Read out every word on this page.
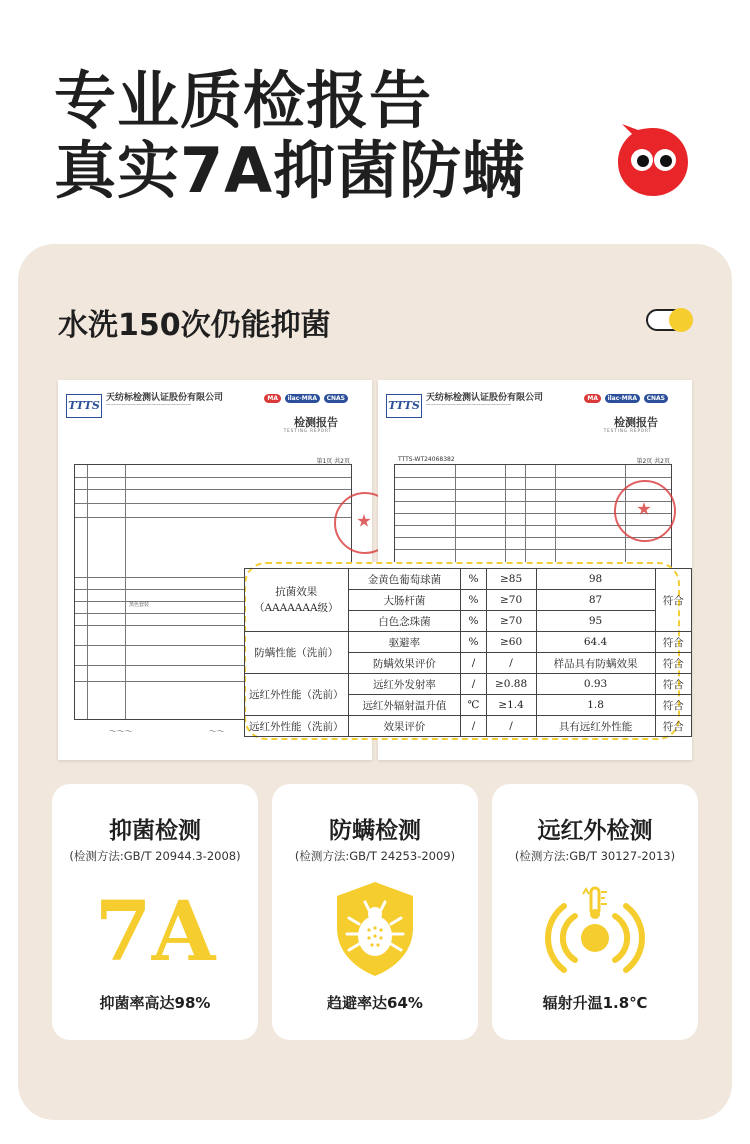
专业质检报告
真实7A抑菌防螨
水洗150次仍能抑菌
TTTS
天纺标检测认证股份有限公司
—————————————————
MA ilac-MRA CNAS
检测报告
TESTING REPORT
第1页 共2页
黑色套装
～～～	～～
TTTS
天纺标检测认证股份有限公司
—————————————————
MA ilac-MRA CNAS
检测报告
TESTING REPORT
TTTS-WT24068382	第2页 共2页
抗菌效果
（AAAAAAA级）	金黄色葡萄球菌	%	≥85	98	符合
	大肠杆菌	%	≥70	87	
	白色念珠菌	%	≥70	95	
防螨性能（洗前）	驱避率	%	≥60	64.4	符合
	防螨效果评价	/	/	样品具有防螨效果	符合
远红外性能（洗前）	远红外发射率	/	≥0.88	0.93	符合
	远红外辐射温升值	℃	≥1.4	1.8	符合
远红外性能（洗前）	效果评价	/	/	具有远红外性能	符合
抑菌检测
(检测方法:GB/T 20944.3-2008)
7A
抑菌率高达98%
防螨检测
(检测方法:GB/T 24253-2009)
趋避率达64%
远红外检测
(检测方法:GB/T 30127-2013)
辐射升温1.8℃
